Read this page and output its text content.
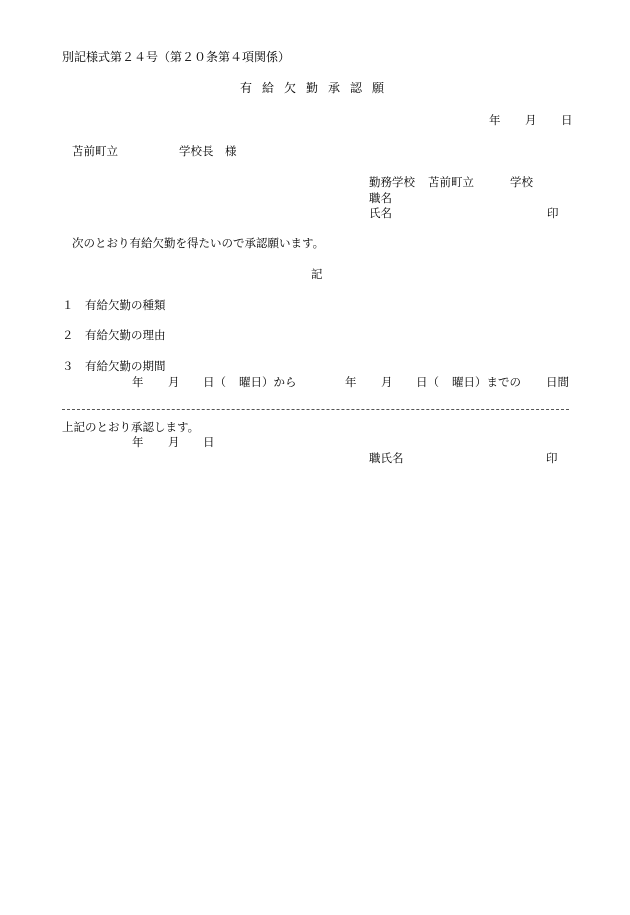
別記様式第２４号（第２０条第４項関係）
有給欠勤承認願
年 月 日
苫前町立	学校長　様
勤務学校 苫前町立	学校
職名
氏名	印
次のとおり有給欠勤を得たいので承認願います。
記
１ 有給欠勤の種類
２ 有給欠勤の理由
３ 有給欠勤の期間
年 月 日（ 曜日）から	年 月 日（ 曜日）までの 日間
上記のとおり承認します。
年 月 日
職氏名	印
